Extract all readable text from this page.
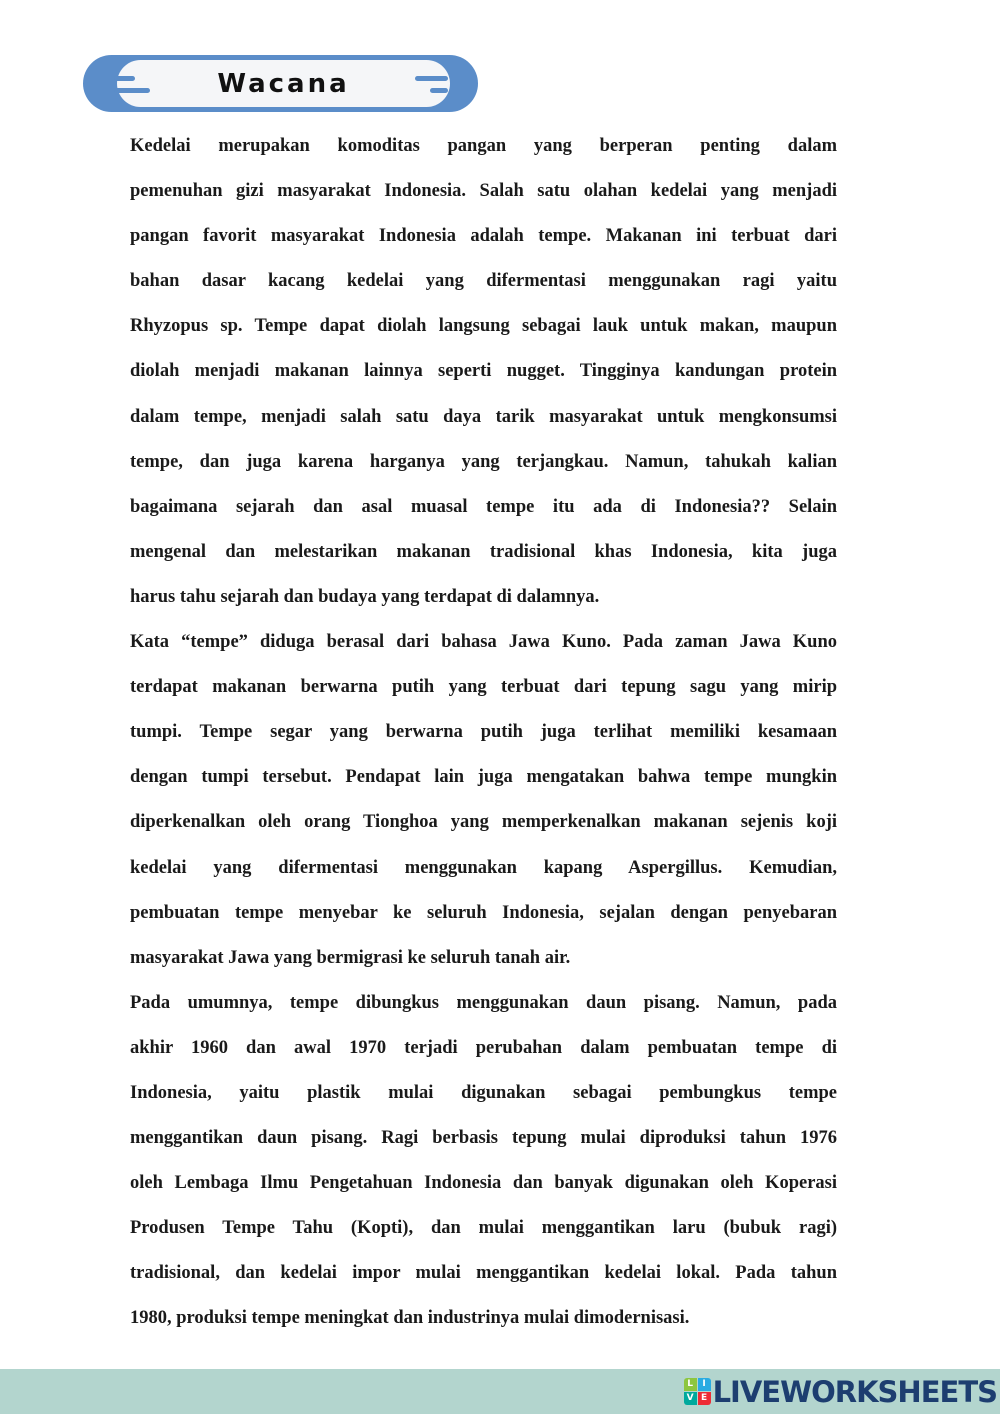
Wacana
Kedelai merupakan komoditas pangan yang berperan penting dalam
pemenuhan gizi masyarakat Indonesia. Salah satu olahan kedelai yang menjadi
pangan favorit masyarakat Indonesia adalah tempe. Makanan ini terbuat dari
bahan dasar kacang kedelai yang difermentasi menggunakan ragi yaitu
Rhyzopus sp. Tempe dapat diolah langsung sebagai lauk untuk makan, maupun
diolah menjadi makanan lainnya seperti nugget. Tingginya kandungan protein
dalam tempe, menjadi salah satu daya tarik masyarakat untuk mengkonsumsi
tempe, dan juga karena harganya yang terjangkau. Namun, tahukah kalian
bagaimana sejarah dan asal muasal tempe itu ada di Indonesia?? Selain
mengenal dan melestarikan makanan tradisional khas Indonesia, kita juga
harus tahu sejarah dan budaya yang terdapat di dalamnya.
Kata “tempe” diduga berasal dari bahasa Jawa Kuno. Pada zaman Jawa Kuno
terdapat makanan berwarna putih yang terbuat dari tepung sagu yang mirip
tumpi. Tempe segar yang berwarna putih juga terlihat memiliki kesamaan
dengan tumpi tersebut. Pendapat lain juga mengatakan bahwa tempe mungkin
diperkenalkan oleh orang Tionghoa yang memperkenalkan makanan sejenis koji
kedelai yang difermentasi menggunakan kapang Aspergillus. Kemudian,
pembuatan tempe menyebar ke seluruh Indonesia, sejalan dengan penyebaran
masyarakat Jawa yang bermigrasi ke seluruh tanah air.
Pada umumnya, tempe dibungkus menggunakan daun pisang. Namun, pada
akhir 1960 dan awal 1970 terjadi perubahan dalam pembuatan tempe di
Indonesia, yaitu plastik mulai digunakan sebagai pembungkus tempe
menggantikan daun pisang. Ragi berbasis tepung mulai diproduksi tahun 1976
oleh Lembaga Ilmu Pengetahuan Indonesia dan banyak digunakan oleh Koperasi
Produsen Tempe Tahu (Kopti), dan mulai menggantikan laru (bubuk ragi)
tradisional, dan kedelai impor mulai menggantikan kedelai lokal. Pada tahun
1980, produksi tempe meningkat dan industrinya mulai dimodernisasi.
L	I
V E LIVEWORKSHEETS
